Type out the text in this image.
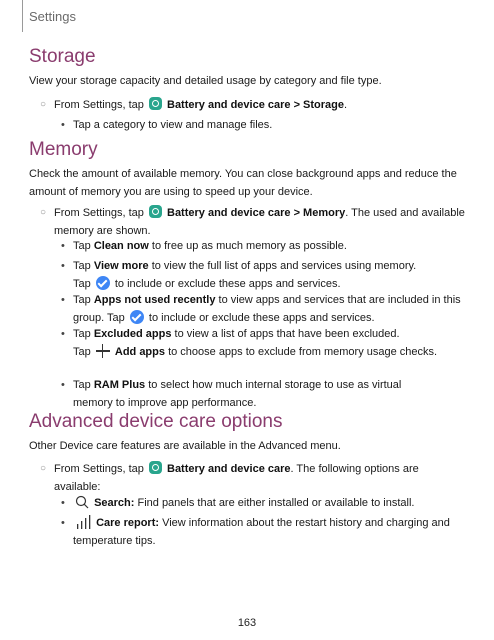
Settings
Storage
View your storage capacity and detailed usage by category and file type.
○ From Settings, tap Battery and device care > Storage.
• Tap a category to view and manage files.
Memory
Check the amount of available memory. You can close background apps and reduce the amount of memory you are using to speed up your device.
○ From Settings, tap Battery and device care > Memory. The used and available memory are shown.
• Tap Clean now to free up as much memory as possible.
• Tap View more to view the full list of apps and services using memory.
Tap to include or exclude these apps and services.
• Tap Apps not used recently to view apps and services that are included in this group. Tap to include or exclude these apps and services.
• Tap Excluded apps to view a list of apps that have been excluded.
Tap Add apps to choose apps to exclude from memory usage checks.
• Tap RAM Plus to select how much internal storage to use as virtual memory to improve app performance.
Advanced device care options
Other Device care features are available in the Advanced menu.
○ From Settings, tap Battery and device care. The following options are available:
•	Search: Find panels that are either installed or available to install.
•	Care report: View information about the restart history and charging and temperature tips.
163
